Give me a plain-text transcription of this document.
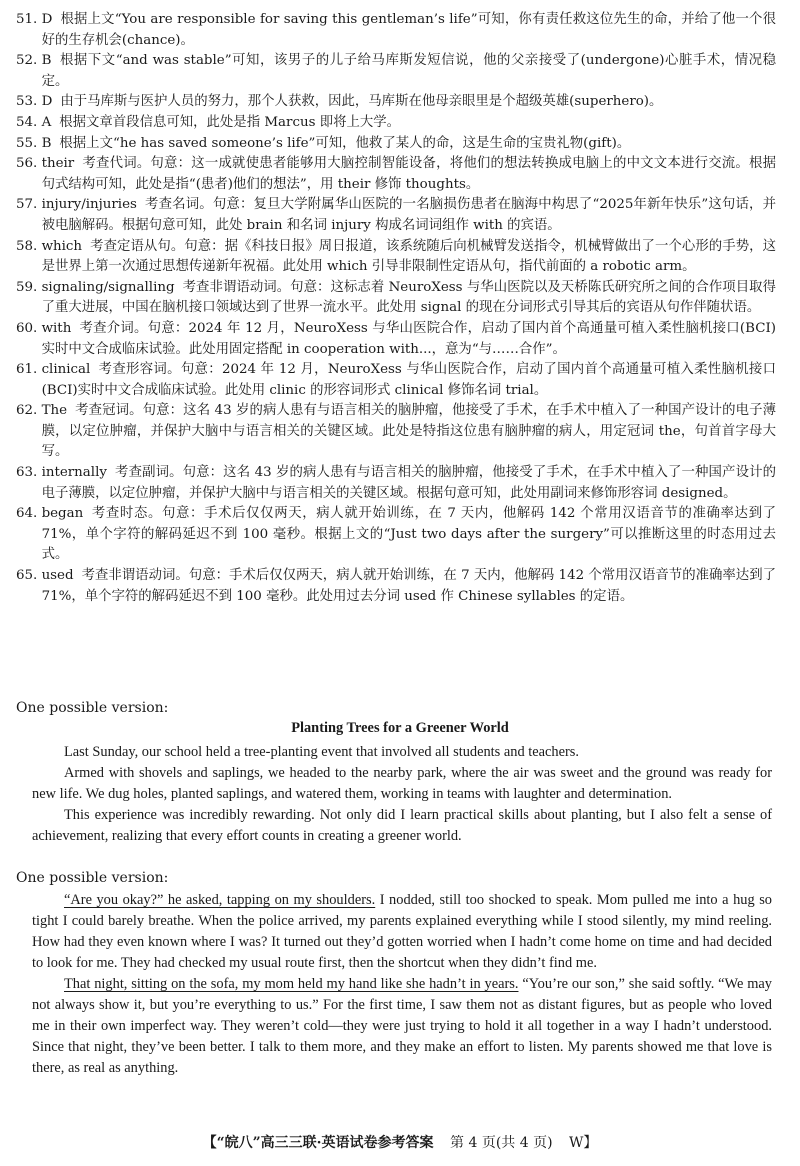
51. D 根据上文“You are responsible for saving this gentleman’s life”可知，你有责任救这位先生的命，并给了他一个很好的生存机会(chance)。
52. B 根据下文“and was stable”可知，该男子的儿子给马库斯发短信说，他的父亲接受了(undergone)心脏手术，情况稳定。
53. D 由于马库斯与医护人员的努力，那个人获救，因此，马库斯在他母亲眼里是个超级英雄(superhero)。
54. A 根据文章首段信息可知，此处是指 Marcus 即将上大学。
55. B 根据上文“he has saved someone’s life”可知，他救了某人的命，这是生命的宝贵礼物(gift)。
56. their 考查代词。句意：这一成就使患者能够用大脑控制智能设备，将他们的想法转换成电脑上的中文文本进行交流。根据句式结构可知，此处是指“(患者)他们的想法”，用 their 修饰 thoughts。
57. injury/injuries 考查名词。句意：复旦大学附属华山医院的一名脑损伤患者在脑海中构思了“2025年新年快乐”这句话，并被电脑解码。根据句意可知，此处 brain 和名词 injury 构成名词词组作 with 的宾语。
58. which 考查定语从句。句意：据《科技日报》周日报道，该系统随后向机械臂发送指令，机械臂做出了一个心形的手势，这是世界上第一次通过思想传递新年祝福。此处用 which 引导非限制性定语从句，指代前面的 a robotic arm。
59. signaling/signalling 考查非谓语动词。句意：这标志着 NeuroXess 与华山医院以及天桥陈氏研究所之间的合作项目取得了重大进展，中国在脑机接口领域达到了世界一流水平。此处用 signal 的现在分词形式引导其后的宾语从句作伴随状语。
60. with 考查介词。句意：2024 年 12 月，NeuroXess 与华山医院合作，启动了国内首个高通量可植入柔性脑机接口(BCI)实时中文合成临床试验。此处用固定搭配 in cooperation with...，意为“与……合作”。
61. clinical 考查形容词。句意：2024 年 12 月，NeuroXess 与华山医院合作，启动了国内首个高通量可植入柔性脑机接口(BCI)实时中文合成临床试验。此处用 clinic 的形容词形式 clinical 修饰名词 trial。
62. The 考查冠词。句意：这名 43 岁的病人患有与语言相关的脑肿瘤，他接受了手术，在手术中植入了一种国产设计的电子薄膜，以定位肿瘤，并保护大脑中与语言相关的关键区域。此处是特指这位患有脑肿瘤的病人，用定冠词 the，句首首字母大写。
63. internally 考查副词。句意：这名 43 岁的病人患有与语言相关的脑肿瘤，他接受了手术，在手术中植入了一种国产设计的电子薄膜，以定位肿瘤，并保护大脑中与语言相关的关键区域。根据句意可知，此处用副词来修饰形容词 designed。
64. began 考查时态。句意：手术后仅仅两天，病人就开始训练，在 7 天内，他解码 142 个常用汉语音节的准确率达到了 71%，单个字符的解码延迟不到 100 毫秒。根据上文的“Just two days after the surgery”可以推断这里的时态用过去式。
65. used 考查非谓语动词。句意：手术后仅仅两天，病人就开始训练，在 7 天内，他解码 142 个常用汉语音节的准确率达到了 71%，单个字符的解码延迟不到 100 毫秒。此处用过去分词 used 作 Chinese syllables 的定语。
One possible version:
Planting Trees for a Greener World

Last Sunday, our school held a tree-planting event that involved all students and teachers.

Armed with shovels and saplings, we headed to the nearby park, where the air was sweet and the ground was ready for new life. We dug holes, planted saplings, and watered them, working in teams with laughter and determination.

This experience was incredibly rewarding. Not only did I learn practical skills about planting, but I also felt a sense of achievement, realizing that every effort counts in creating a greener world.

One possible version:

“Are you okay?” he asked, tapping on my shoulders. I nodded, still too shocked to speak. Mom pulled me into a hug so tight I could barely breathe. When the police arrived, my parents explained everything while I stood silently, my mind reeling. How had they even known where I was? It turned out they’d gotten worried when I hadn’t come home on time and had decided to look for me. They had checked my usual route first, then the shortcut when they didn’t find me.

That night, sitting on the sofa, my mom held my hand like she hadn’t in years. “You’re our son,” she said softly. “We may not always show it, but you’re everything to us.” For the first time, I saw them not as distant figures, but as people who loved me in their own imperfect way. They weren’t cold—they were just trying to hold it all together in a way I hadn’t understood. Since that night, they’ve been better. I talk to them more, and they make an effort to listen. My parents showed me that love is there, as real as anything.

【“皖八”高三三联·英语试卷参考答案 第 4 页(共 4 页) W】
